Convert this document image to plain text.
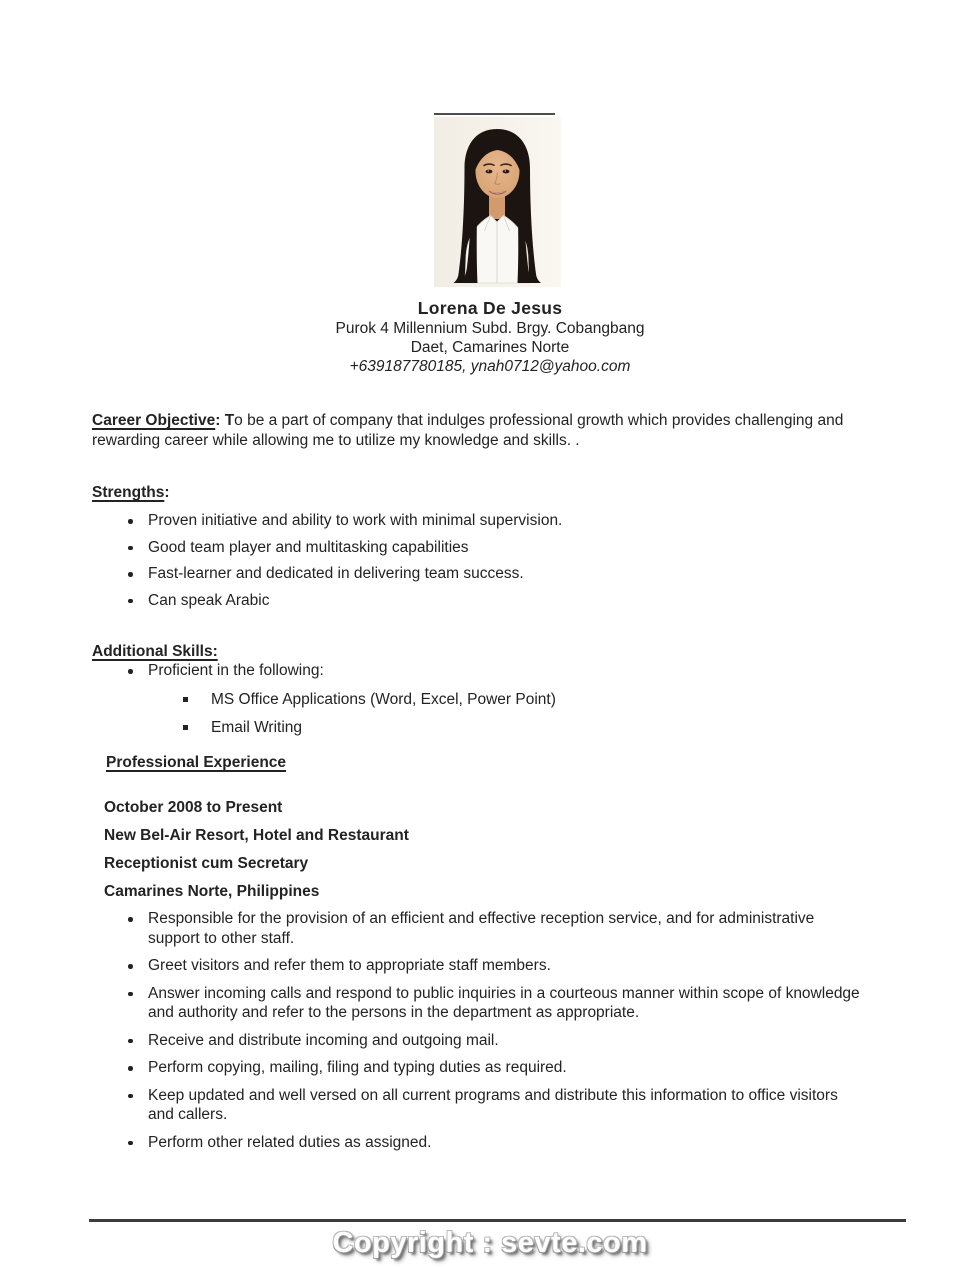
Lorena De Jesus
Purok 4 Millennium Subd. Brgy. Cobangbang
Daet, Camarines Norte
+639187780185, ynah0712@yahoo.com
Career Objective: To be a part of company that indulges professional growth which provides challenging and rewarding career while allowing me to utilize my knowledge and skills. .
Strengths:
Proven initiative and ability to work with minimal supervision.
Good team player and multitasking capabilities
Fast-learner and dedicated in delivering team success.
Can speak Arabic
Additional Skills:
Proficient in the following:
MS Office Applications (Word, Excel, Power Point)
Email Writing
Professional Experience
October 2008 to Present
New Bel-Air Resort, Hotel and Restaurant
Receptionist cum Secretary
Camarines Norte, Philippines
Responsible for the provision of an efficient and effective reception service, and for administrative support to other staff.
Greet visitors and refer them to appropriate staff members.
Answer incoming calls and respond to public inquiries in a courteous manner within scope of knowledge and authority and refer to the persons in the department as appropriate.
Receive and distribute incoming and outgoing mail.
Perform copying, mailing, filing and typing duties as required.
Keep updated and well versed on all current programs and distribute this information to office visitors and callers.
Perform other related duties as assigned.
Copyright : sevte.com
